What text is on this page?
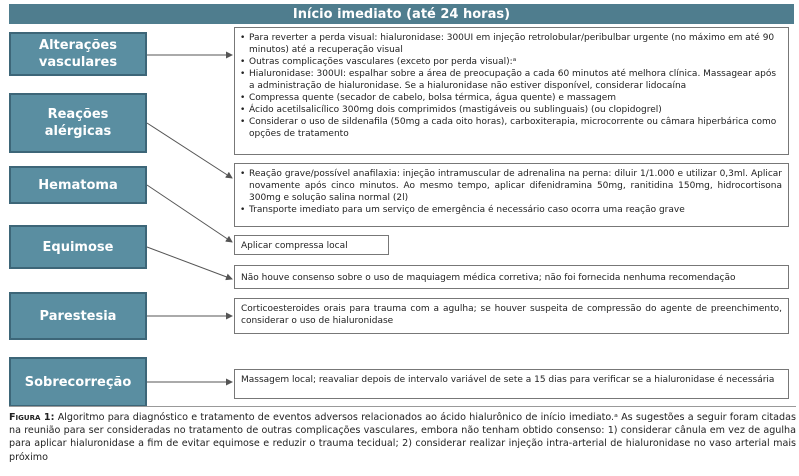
Início imediato (até 24 horas)
Alterações vasculares
Reações alérgicas
Hematoma
Equimose
Parestesia
Sobrecorreção
• Para reverter a perda visual: hialuronidase: 300UI em injeção retrolobular/peribulbar urgente (no máximo em até 90 minutos) até a recuperação visual
• Outras complicações vasculares (exceto por perda visual):ᵃ
• Hialuronidase: 300UI: espalhar sobre a área de preocupação a cada 60 minutos até melhora clínica. Massagear após a administração de hialuronidase. Se a hialuronidase não estiver disponível, considerar lidocaína
• Compressa quente (secador de cabelo, bolsa térmica, água quente) e massagem
• Ácido acetilsalicílico 300mg dois comprimidos (mastigáveis ou sublinguais) (ou clopidogrel)
• Considerar o uso de sildenafila (50mg a cada oito horas), carboxiterapia, microcorrente ou câmara hiperbárica como opções de tratamento
• Reação grave/possível anafilaxia: injeção intramuscular de adrenalina na perna: diluir 1/1.000 e utilizar 0,3ml. Aplicar novamente após cinco minutos. Ao mesmo tempo, aplicar difenidramina 50mg, ranitidina 150mg, hidrocortisona 300mg e solução salina normal (2l)
• Transporte imediato para um serviço de emergência é necessário caso ocorra uma reação grave

Aplicar compressa local

Não houve consenso sobre o uso de maquiagem médica corretiva; não foi fornecida nenhuma recomendação

Corticoesteroides orais para trauma com a agulha; se houver suspeita de compressão do agente de preenchimento, considerar o uso de hialuronidase

Massagem local; reavaliar depois de intervalo variável de sete a 15 dias para verificar se a hialuronidase é necessária

Figura 1: Algoritmo para diagnóstico e tratamento de eventos adversos relacionados ao ácido hialurônico de início imediato.ᵃ As sugestões a seguir foram citadas na reunião para ser consideradas no tratamento de outras complicações vasculares, embora não tenham obtido consenso: 1) considerar cânula em vez de agulha para aplicar hialuronidase a fim de evitar equimose e reduzir o trauma tecidual; 2) considerar realizar injeção intra-arterial de hialuronidase no vaso arterial mais próximo
